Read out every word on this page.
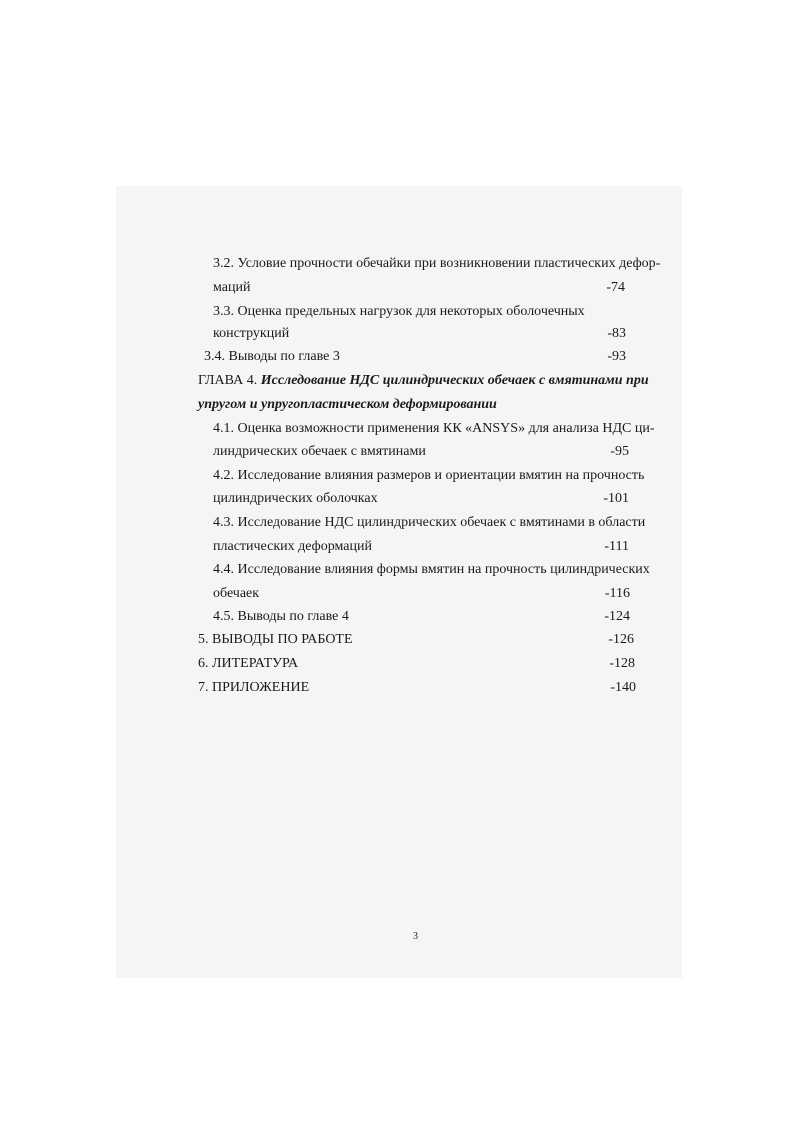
3.2. Условие прочности обечайки при возникновении пластических дефор-
маций	-74
3.3. Оценка предельных нагрузок для некоторых оболочечных
конструкций	-83
3.4. Выводы по главе 3	-93
ГЛАВА 4. Исследование НДС цилиндрических обечаек с вмятинами при
упругом и упругопластическом деформировании
4.1. Оценка возможности применения КК «ANSYS» для анализа НДС ци-
линдрических обечаек с вмятинами	-95
4.2. Исследование влияния размеров и ориентации вмятин на прочность
цилиндрических оболочках	-101
4.3. Исследование НДС цилиндрических обечаек с вмятинами в области
пластических деформаций	-111
4.4. Исследование влияния формы вмятин на прочность цилиндрических
обечаек	-116
4.5. Выводы по главе 4	-124
5. ВЫВОДЫ ПО РАБОТЕ	-126
6. ЛИТЕРАТУРА	-128
7. ПРИЛОЖЕНИЕ	-140
3
